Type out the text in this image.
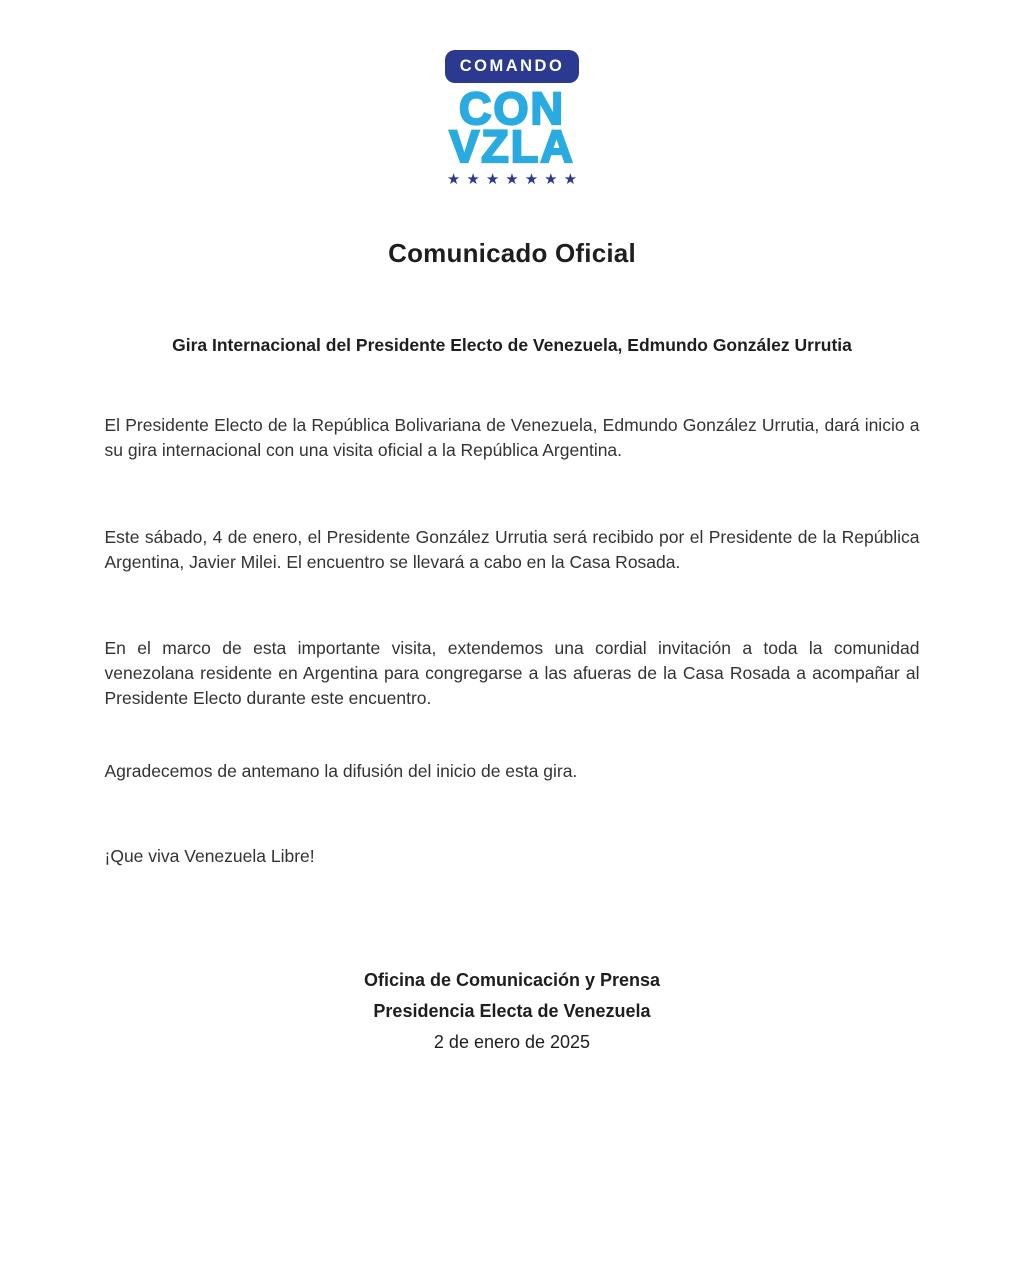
COMANDO
CON
VZLA
★★★★★★★
Comunicado Oficial
Gira Internacional del Presidente Electo de Venezuela, Edmundo González Urrutia

El Presidente Electo de la República Bolivariana de Venezuela, Edmundo González Urrutia, dará inicio a su gira internacional con una visita oficial a la República Argentina.

Este sábado, 4 de enero, el Presidente González Urrutia será recibido por el Presidente de la República Argentina, Javier Milei. El encuentro se llevará a cabo en la Casa Rosada.

En el marco de esta importante visita, extendemos una cordial invitación a toda la comunidad venezolana residente en Argentina para congregarse a las afueras de la Casa Rosada a acompañar al Presidente Electo durante este encuentro.

Agradecemos de antemano la difusión del inicio de esta gira.

¡Que viva Venezuela Libre!

Oficina de Comunicación y Prensa
Presidencia Electa de Venezuela
2 de enero de 2025
